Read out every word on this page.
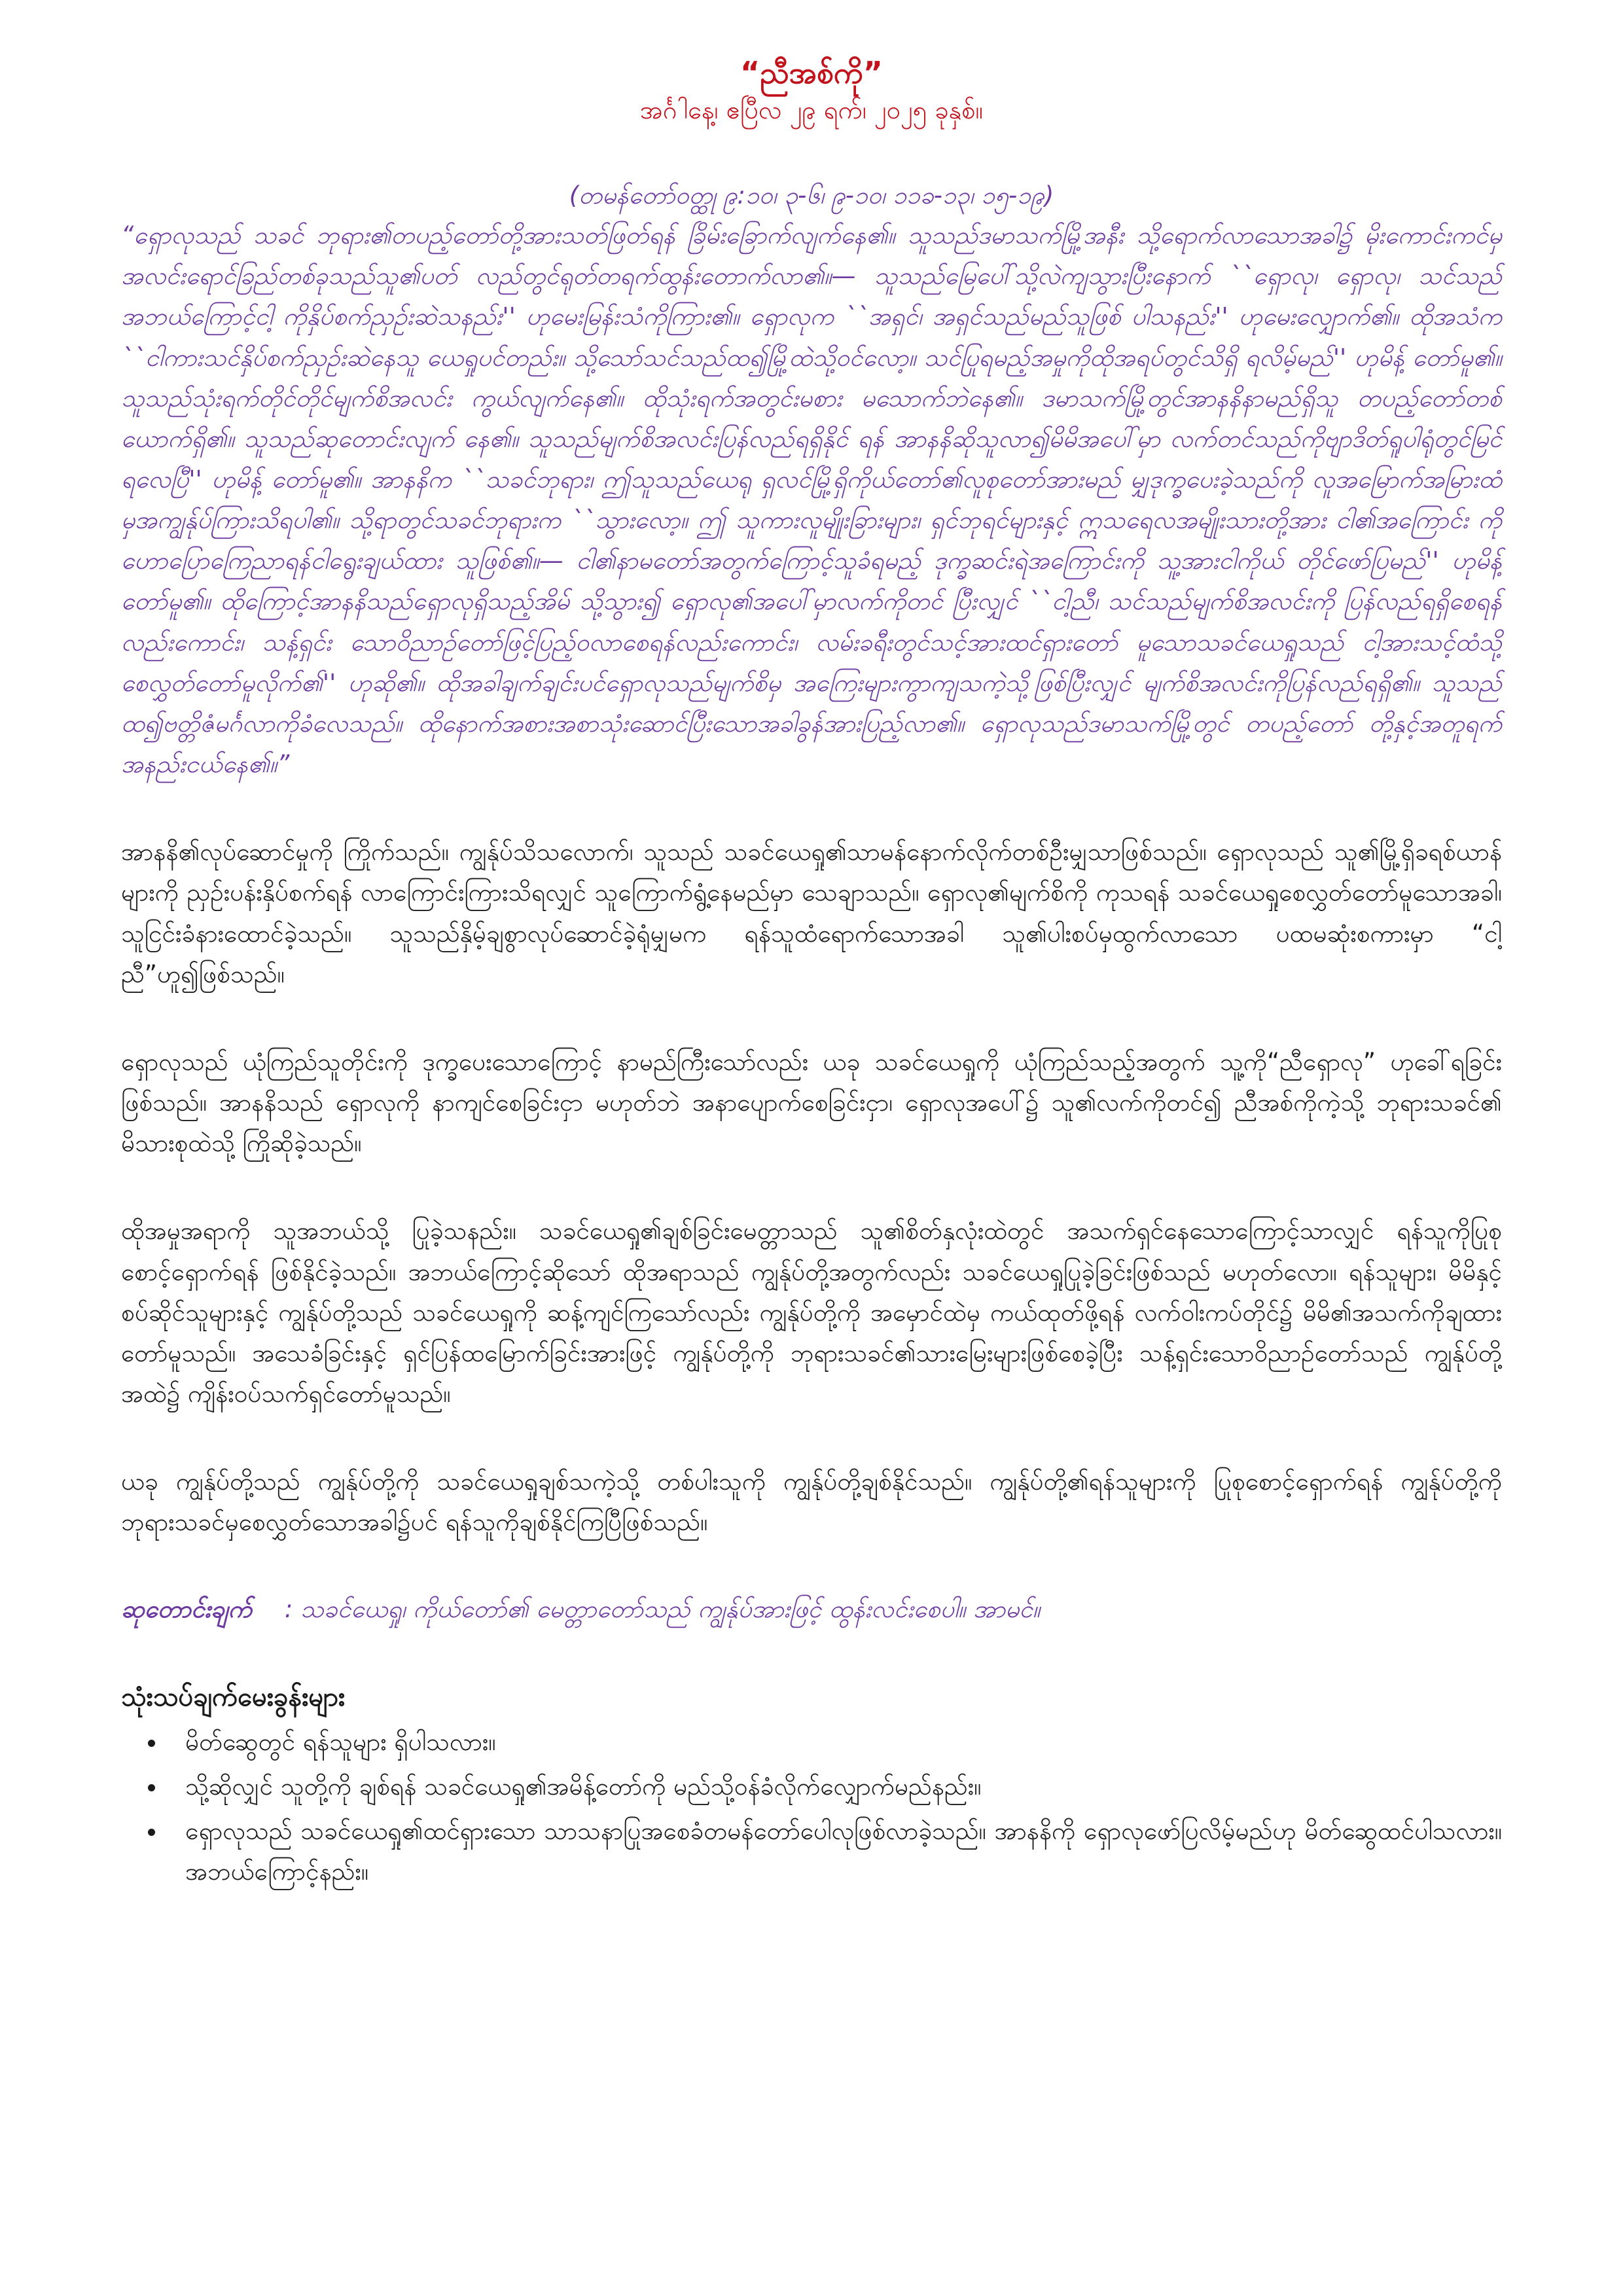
“ညီအစ်ကို”

အင်္ဂါနေ့၊ ဧပြီလ ၂၉ ရက်၊ ၂၀၂၅ ခုနှစ်။

(တမန်တော်ဝတ္ထု ၉:၁၀၊ ၃-၆၊ ၉-၁၀၊ ၁၁ခ-၁၃၊ ၁၅-၁၉)

“ရှောလုသည် သခင် ဘုရား၏တပည့်တော်တို့အားသတ်ဖြတ်ရန် ခြိမ်းခြောက်လျက်နေ၏။ သူသည်ဒမာသက်မြို့အနီး သို့ရောက်လာသောအခါ၌ မိုးကောင်းကင်မှ အလင်းရောင်ခြည်တစ်ခုသည်သူ၏ပတ် လည်တွင်ရုတ်တရက်ထွန်းတောက်လာ၏။— သူသည်မြေပေါ်သို့လဲကျသွားပြီးနောက် ``ရှောလု၊ ရှောလု၊ သင်သည်အဘယ်ကြောင့်ငါ့ ကိုနှိပ်စက်ညှဉ်းဆဲသနည်း'' ဟုမေးမြန်းသံကိုကြား၏။ ရှောလုက ``အရှင်၊ အရှင်သည်မည်သူဖြစ် ပါသနည်း'' ဟုမေးလျှောက်၏။ ထိုအသံက ``ငါကားသင်နှိပ်စက်ညှဉ်းဆဲနေသူ ယေရှုပင်တည်း။ သို့သော်သင်သည်ထ၍မြို့ထဲသို့ဝင်လော့။ သင်ပြုရမည့်အမှုကိုထိုအရပ်တွင်သိရှိ ရလိမ့်မည်'' ဟုမိန့် တော်မူ၏။ သူသည်သုံးရက်တိုင်တိုင်မျက်စိအလင်း ကွယ်လျက်နေ၏။ ထိုသုံးရက်အတွင်းမစား မသောက်ဘဲနေ၏။ ဒမာသက်မြို့တွင်အာနနိနာမည်ရှိသူ တပည့်တော်တစ်ယောက်ရှိ၏။ သူသည်ဆုတောင်းလျက် နေ၏။ သူသည်မျက်စိအလင်းပြန်လည်ရရှိနိုင် ရန် အာနနိဆိုသူလာ၍မိမိအပေါ်မှာ လက်တင်သည်ကိုဗျာဒိတ်ရူပါရုံတွင်မြင် ရလေပြီ'' ဟုမိန့် တော်မူ၏။ အာနနိက ``သခင်ဘုရား၊ ဤသူသည်ယေရု ရှလင်မြို့ရှိကိုယ်တော်၏လူစုတော်အားမည် မျှဒုက္ခပေးခဲ့သည်ကို လူအမြောက်အမြားထံ မှအကျွန်ုပ်ကြားသိရပါ၏။ သို့ရာတွင်သခင်ဘုရားက ``သွားလော့။ ဤ သူကားလူမျိုးခြားများ၊ ရှင်ဘုရင်များနှင့် ဣသရေလအမျိုးသားတို့အား ငါ၏အကြောင်း ကိုဟောပြောကြေညာရန်ငါရွေးချယ်ထား သူဖြစ်၏။— ငါ၏နာမတော်အတွက်ကြောင့်သူခံရမည့် ဒုက္ခဆင်းရဲအကြောင်းကို သူ့အားငါကိုယ် တိုင်ဖော်ပြမည်'' ဟုမိန့် တော်မူ၏။ ထိုကြောင့်အာနနိသည်ရှောလုရှိသည့်အိမ် သို့သွား၍ ရှောလု၏အပေါ်မှာလက်ကိုတင် ပြီးလျှင် ``ငါ့ညီ၊ သင်သည်မျက်စိအလင်းကို ပြန်လည်ရရှိစေရန်လည်းကောင်း၊ သန့်ရှင်း သောဝိညာဉ်တော်ဖြင့်ပြည့်ဝလာစေရန်လည်းကောင်း၊ လမ်းခရီးတွင်သင့်အားထင်ရှားတော် မူသောသခင်ယေရှုသည် ငါ့အားသင့်ထံသို့ စေလွှတ်တော်မူလိုက်၏'' ဟုဆို၏။ ထိုအခါချက်ချင်းပင်ရှောလုသည်မျက်စိမှ အကြေးများကွာကျသကဲ့သို့ဖြစ်ပြီးလျှင် မျက်စိအလင်းကိုပြန်လည်ရရှိ၏။ သူသည် ထ၍ဗတ္တိဇံမင်္ဂလာကိုခံလေသည်။ ထိုနောက်အစားအစာသုံးဆောင်ပြီးသောအခါခွန်အားပြည့်လာ၏။ ရှောလုသည်ဒမာသက်မြို့တွင် တပည့်တော် တို့နှင့်အတူရက်အနည်းငယ်နေ၏။”

အာနနိ၏လုပ်ဆောင်မှုကို ကြိုက်သည်။ ကျွန်ုပ်သိသလောက်၊ သူသည် သခင်ယေရှု၏သာမန်နောက်လိုက်တစ်ဦးမျှသာဖြစ်သည်။ ရှောလုသည် သူ၏မြို့ရှိခရစ်ယာန်များကို ညှဉ်းပန်းနှိပ်စက်ရန် လာကြောင်းကြားသိရလျှင် သူကြောက်ရွံ့နေမည်မှာ သေချာသည်။ ရှောလု၏မျက်စိကို ကုသရန် သခင်ယေရှုစေလွှတ်တော်မူသောအခါ၊ သူငြင်းခံနားထောင်ခဲ့သည်။ သူသည်နှိမ့်ချစွာလုပ်ဆောင်ခဲ့ရုံမျှမက ရန်သူထံရောက်သောအခါ သူ၏ပါးစပ်မှထွက်လာသော ပထမဆုံးစကားမှာ “ငါ့ညီ”ဟူ၍ဖြစ်သည်။

ရှောလုသည် ယုံကြည်သူတိုင်းကို ဒုက္ခပေးသောကြောင့် နာမည်ကြီးသော်လည်း ယခု သခင်ယေရှုကို ယုံကြည်သည့်အတွက် သူ့ကို“ညီရှောလု” ဟုခေါ်ရခြင်းဖြစ်သည်။ အာနနိသည် ရှောလုကို နာကျင်စေခြင်းငှာ မဟုတ်ဘဲ အနာပျောက်စေခြင်းငှာ၊ ရှောလုအပေါ်၌ သူ၏လက်ကိုတင်၍ ညီအစ်ကိုကဲ့သို့ ဘုရားသခင်၏ မိသားစုထဲသို့ ကြိုဆိုခဲ့သည်။

ထိုအမှုအရာကို သူအဘယ်သို့ ပြုခဲ့သနည်း။ သခင်ယေရှု၏ချစ်ခြင်းမေတ္တာသည် သူ၏စိတ်နှလုံးထဲတွင် အသက်ရှင်နေသောကြောင့်သာလျှင် ရန်သူကိုပြုစုစောင့်ရှောက်ရန် ဖြစ်နိုင်ခဲ့သည်။ အဘယ်ကြောင့်ဆိုသော် ထိုအရာသည် ကျွန်ုပ်တို့အတွက်လည်း သခင်ယေရှုပြုခဲ့ခြင်းဖြစ်သည် မဟုတ်လော။ ရန်သူများ၊ မိမိနှင့်စပ်ဆိုင်သူများနှင့် ကျွန်ုပ်တို့သည် သခင်ယေရှုကို ဆန့်ကျင်ကြသော်လည်း ကျွန်ုပ်တို့ကို အမှောင်ထဲမှ ကယ်ထုတ်ဖို့ရန် လက်ဝါးကပ်တိုင်၌ မိမိ၏အသက်ကိုချထားတော်မူသည်။ အသေခံခြင်းနှင့် ရှင်ပြန်ထမြောက်ခြင်းအားဖြင့် ကျွန်ုပ်တို့ကို ဘုရားသခင်၏သားမြေးများဖြစ်စေခဲ့ပြီး သန့်ရှင်းသောဝိညာဉ်တော်သည် ကျွန်ုပ်တို့အထဲ၌ ကျိန်းဝပ်သက်ရှင်တော်မူသည်။

ယခု ကျွန်ုပ်တို့သည် ကျွန်ုပ်တို့ကို သခင်ယေရှုချစ်သကဲ့သို့ တစ်ပါးသူကို ကျွန်ုပ်တို့ချစ်နိုင်သည်။ ကျွန်ုပ်တို့၏ရန်သူများကို ပြုစုစောင့်ရှောက်ရန် ကျွန်ုပ်တို့ကို ဘုရားသခင်မှစေလွှတ်သောအခါ၌ပင် ရန်သူကိုချစ်နိုင်ကြပြီဖြစ်သည်။

ဆုတောင်းချက် : သခင်ယေရှု၊ ကိုယ်တော်၏ မေတ္တာတော်သည် ကျွန်ုပ်အားဖြင့် ထွန်းလင်းစေပါ။ အာမင်။

သုံးသပ်ချက်မေးခွန်းများ
• မိတ်ဆွေတွင် ရန်သူများ ရှိပါသလား။
• သို့ဆိုလျှင် သူတို့ကို ချစ်ရန် သခင်ယေရှု၏အမိန့်တော်ကို မည်သို့ဝန်ခံလိုက်လျှောက်မည်နည်း။
• ရှောလုသည် သခင်ယေရှု၏ထင်ရှားသော သာသနာပြုအစေခံတမန်တော်ပေါလုဖြစ်လာခဲ့သည်။ အာနနိကို ရှောလုဖော်ပြလိမ့်မည်ဟု မိတ်ဆွေထင်ပါသလား။ အဘယ်ကြောင့်နည်း။
